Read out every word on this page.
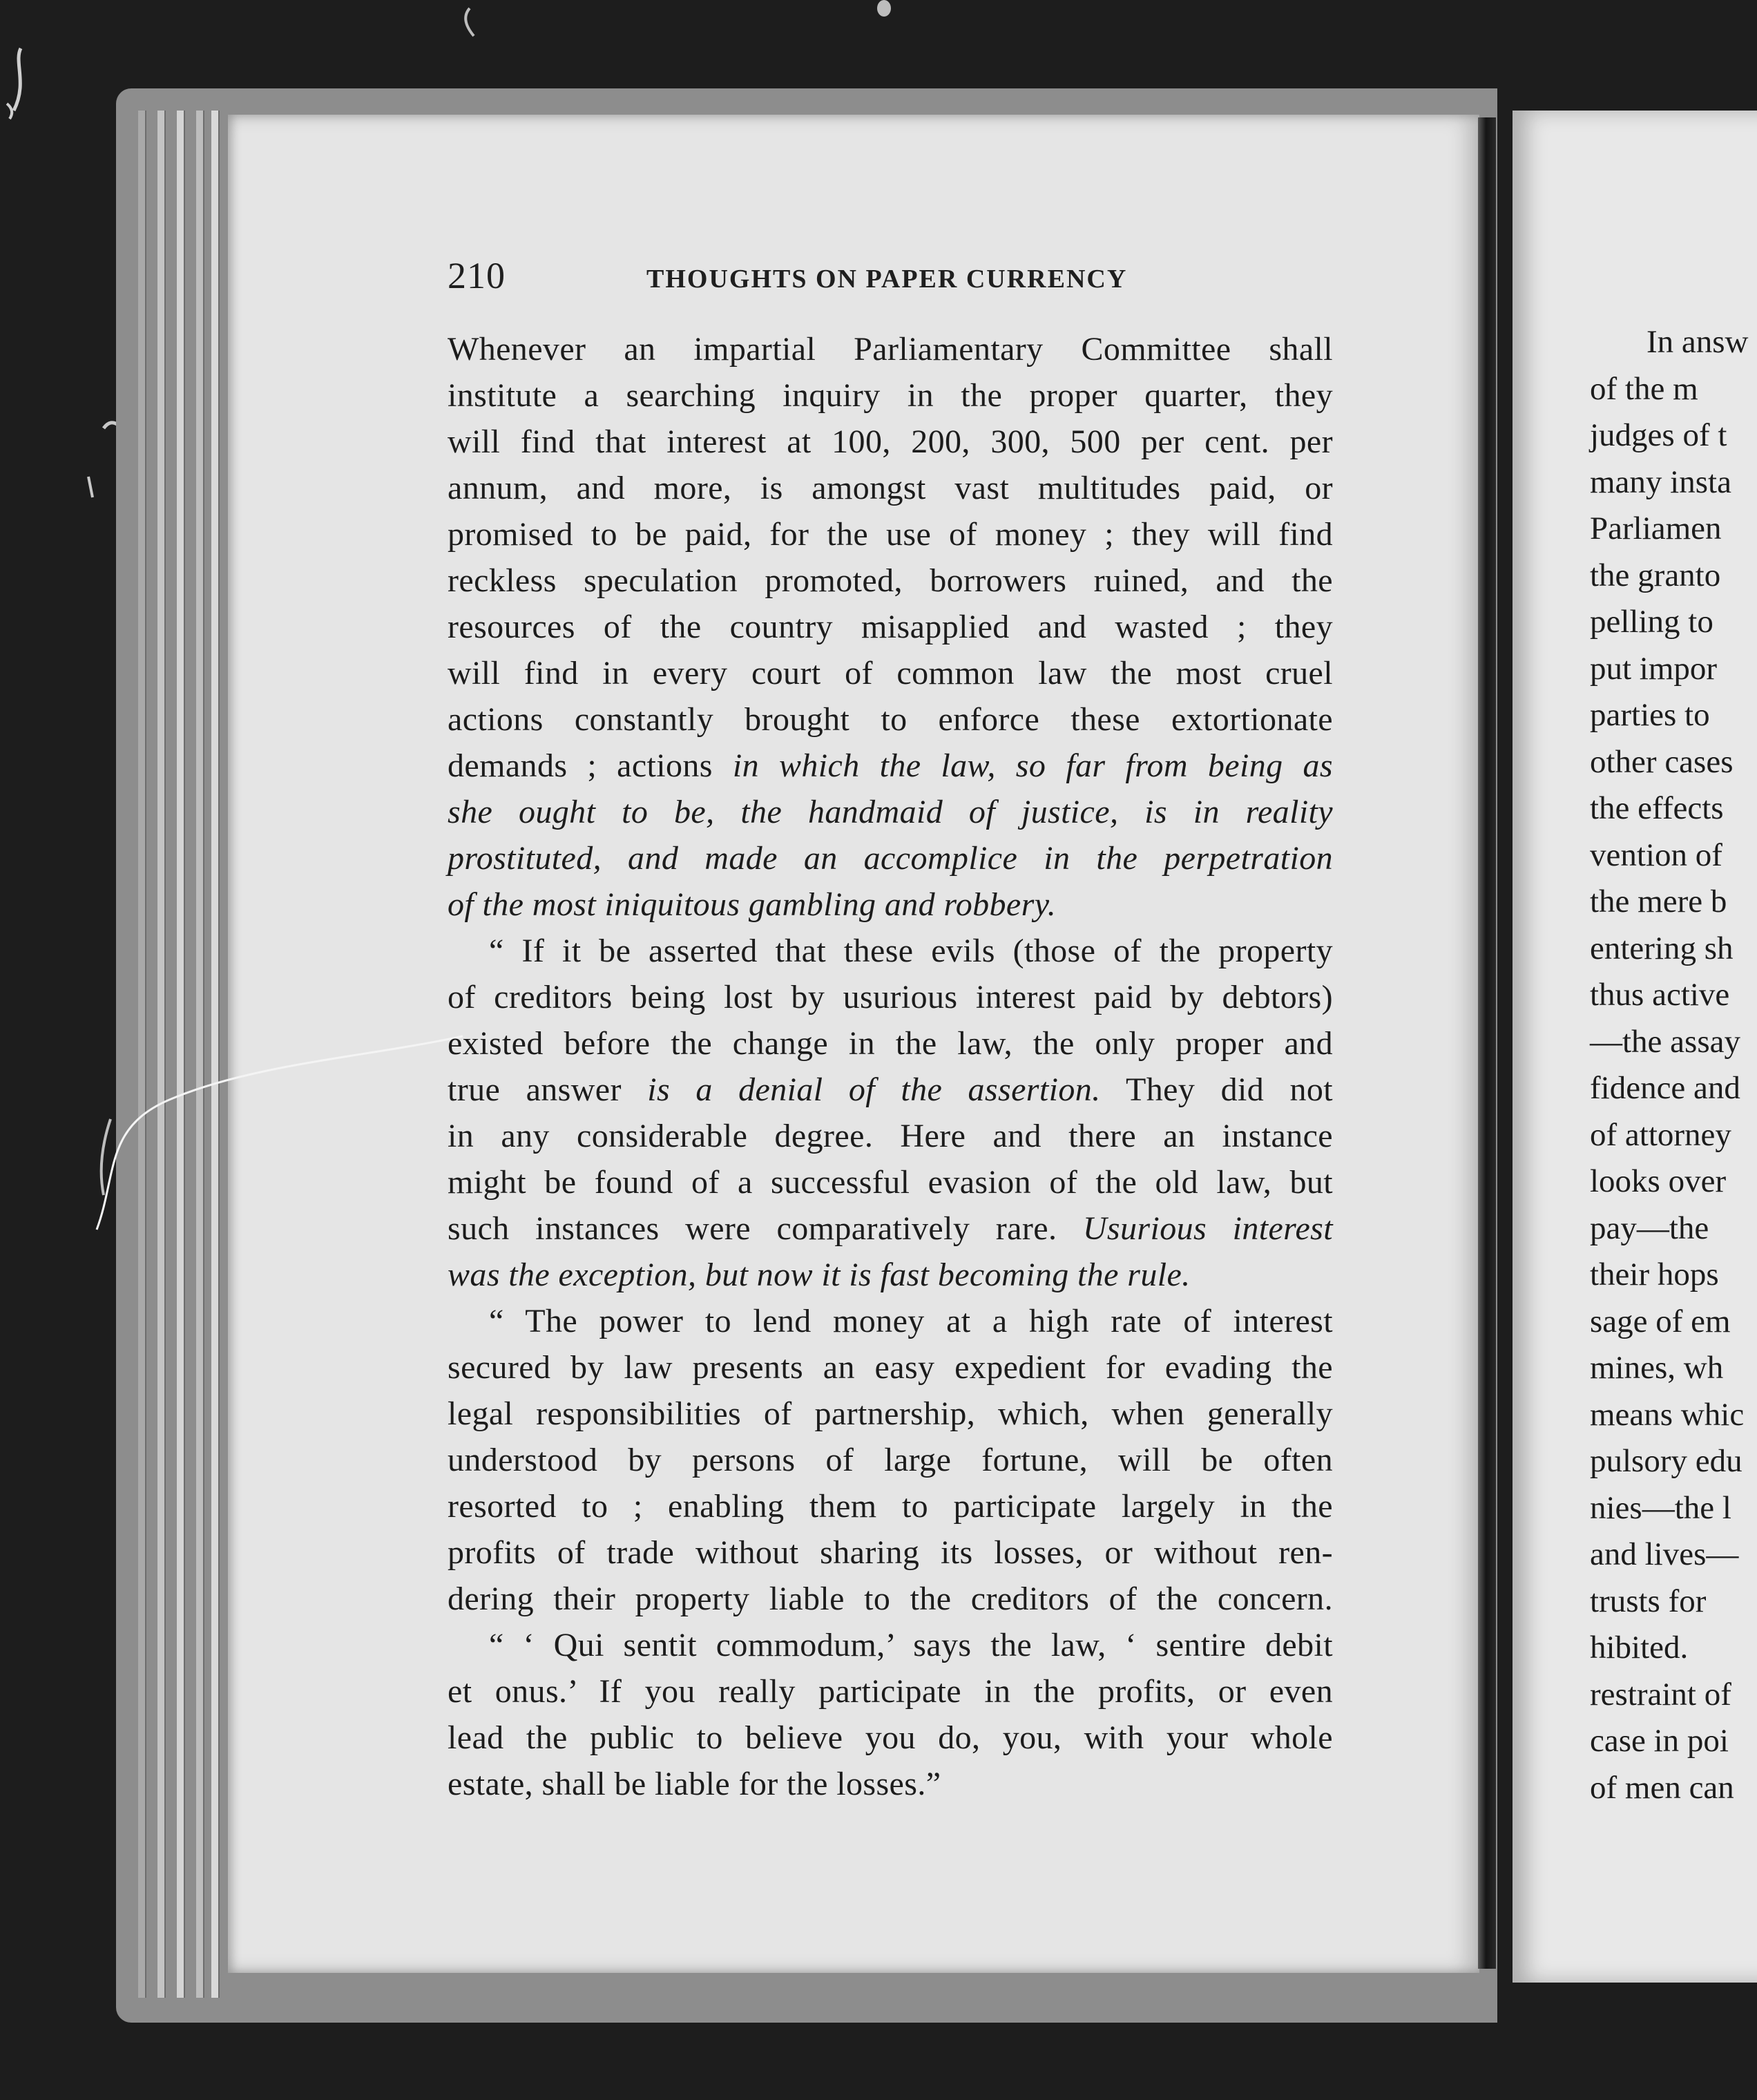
210	THOUGHTS ON PAPER CURRENCY
Whenever an impartial Parliamentary Committee shall
institute a searching inquiry in the proper quarter, they
will find that interest at 100, 200, 300, 500 per cent. per
annum, and more, is amongst vast multitudes paid, or
promised to be paid, for the use of money ; they will find
reckless speculation promoted, borrowers ruined, and the
resources of the country misapplied and wasted ; they
will find in every court of common law the most cruel
actions constantly brought to enforce these extortionate
demands ; actions in which the law, so far from being as
she ought to be, the handmaid of justice, is in reality
prostituted, and made an accomplice in the perpetration
of the most iniquitous gambling and robbery.
“ If it be asserted that these evils (those of the property
of creditors being lost by usurious interest paid by debtors)
existed before the change in the law, the only proper and
true answer is a denial of the assertion. They did not
in any considerable degree. Here and there an instance
might be found of a successful evasion of the old law, but
such instances were comparatively rare. Usurious interest
was the exception, but now it is fast becoming the rule.
“ The power to lend money at a high rate of interest
secured by law presents an easy expedient for evading the
legal responsibilities of partnership, which, when generally
understood by persons of large fortune, will be often
resorted to ; enabling them to participate largely in the
profits of trade without sharing its losses, or without ren-
dering their property liable to the creditors of the concern.
“ ‘ Qui sentit commodum,’ says the law, ‘ sentire debit
et onus.’ If you really participate in the profits, or even
lead the public to believe you do, you, with your whole
estate, shall be liable for the losses.”
In answ
of the m
judges of t
many insta
Parliamen
the granto
pelling to
put impor
parties to
other cases
the effects
vention of
the mere b
entering sh
thus active
—the assay
fidence and
of attorney
looks over
pay—the
their hops
sage of em
mines, wh
means whic
pulsory edu
nies—the l
and lives—
trusts for
hibited.
restraint of
case in poi
of men can
